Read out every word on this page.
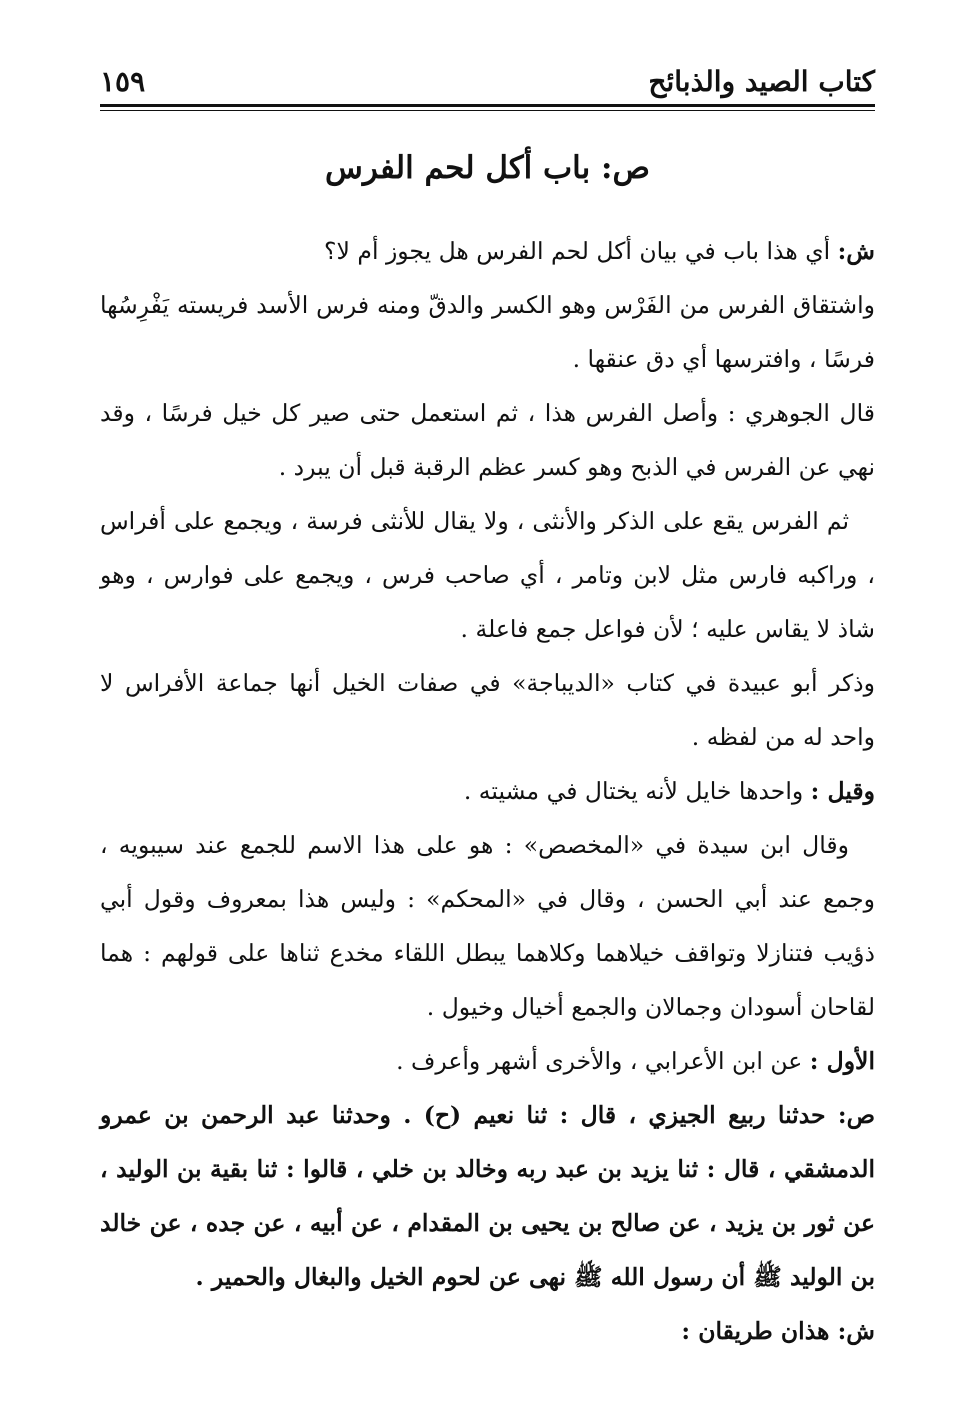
كتاب الصيد والذبائح
١٥٩
ص: باب أكل لحم الفرس

ش: أي هذا باب في بيان أكل لحم الفرس هل يجوز أم لا؟

واشتقاق الفرس من الفَرْس وهو الكسر والدقّ ومنه فرس الأسد فريسته يَفْرِسُها فرسًا ، وافترسها أي دق عنقها .

قال الجوهري : وأصل الفرس هذا ، ثم استعمل حتى صير كل خيل فرسًا ، وقد نهي عن الفرس في الذبح وهو كسر عظم الرقبة قبل أن يبرد .

ثم الفرس يقع على الذكر والأنثى ، ولا يقال للأنثى فرسة ، ويجمع على أفراس ، وراكبه فارس مثل لابن وتامر ، أي صاحب فرس ، ويجمع على فوارس ، وهو شاذ لا يقاس عليه ؛ لأن فواعل جمع فاعلة .

وذكر أبو عبيدة في كتاب «الديباجة» في صفات الخيل أنها جماعة الأفراس لا واحد له من لفظه .

وقيل : واحدها خايل لأنه يختال في مشيته .

وقال ابن سيدة في «المخصص» : هو على هذا الاسم للجمع عند سيبويه ، وجمع عند أبي الحسن ، وقال في «المحكم» : وليس هذا بمعروف وقول أبي ذؤيب فتنازلا وتواقف خيلاهما وكلاهما يبطل اللقاء مخدع ثناها على قولهم : هما لقاحان أسودان وجمالان والجمع أخيال وخيول .

الأول : عن ابن الأعرابي ، والأخرى أشهر وأعرف .

ص: حدثنا ربيع الجيزي ، قال : ثنا نعيم (ح) . وحدثنا عبد الرحمن بن عمرو الدمشقي ، قال : ثنا يزيد بن عبد ربه وخالد بن خلي ، قالوا : ثنا بقية بن الوليد ، عن ثور بن يزيد ، عن صالح بن يحيى بن المقدام ، عن أبيه ، عن جده ، عن خالد بن الوليد ﷺ أن رسول الله ﷺ نهى عن لحوم الخيل والبغال والحمير .

ش: هذان طريقان :
